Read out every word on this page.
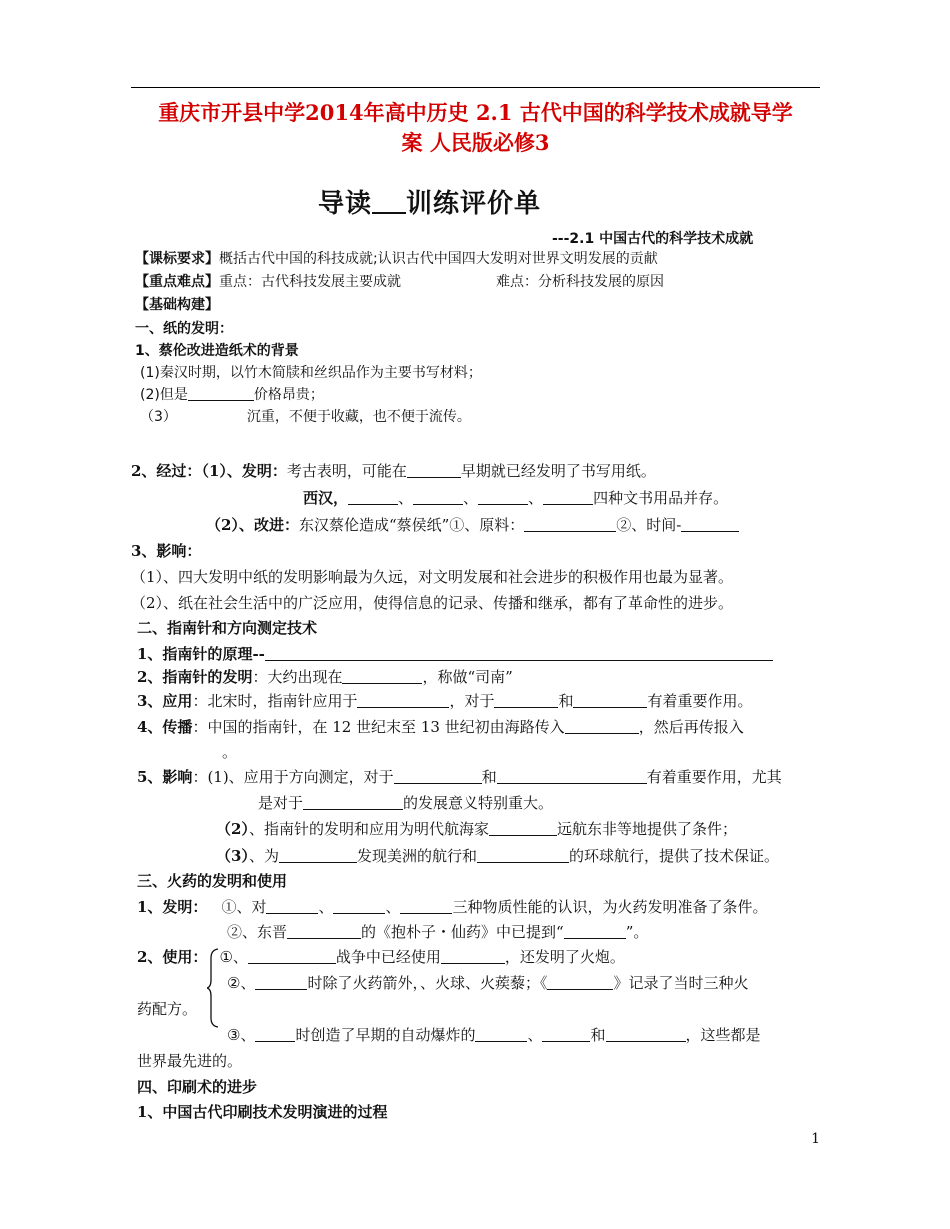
重庆市开县中学2014年高中历史 2.1 古代中国的科学技术成就导学
案 人民版必修3
导读 训练评价单
---2.1 中国古代的科学技术成就
【课标要求】概括古代中国的科技成就;认识古代中国四大发明对世界文明发展的贡献
【重点难点】重点：古代科技发展主要成就	难点：分析科技发展的原因
【基础构建】
一、纸的发明：
1、蔡伦改进造纸术的背景
(1)秦汉时期，以竹木简牍和丝织品作为主要书写材料；
(2)但是	价格昂贵；
（3）	沉重，不便于收藏，也不便于流传。
2、经过：（1）、发明：考古表明，可能在	早期就已经发明了书写用纸。
西汉，	、	、	、	四种文书用品并存。
（2）、改进：东汉蔡伦造成“蔡侯纸”①、原料：	②、时间-
3、影响：
（1）、四大发明中纸的发明影响最为久远，对文明发展和社会进步的积极作用也最为显著。
（2）、纸在社会生活中的广泛应用，使得信息的记录、传播和继承，都有了革命性的进步。
二、指南针和方向测定技术
1、指南针的原理--
2、指南针的发明：大约出现在	，称做“司南”
3、应用：北宋时，指南针应用于	，对于	和	有着重要作用。
4、传播：中国的指南针，在 12 世纪末至 13 世纪初由海路传入	，然后再传报入
。
5、影响：(1)、应用于方向测定，对于	和	有着重要作用，尤其
是对于	的发展意义特别重大。
（2）、指南针的发明和应用为明代航海家	远航东非等地提供了条件；
（3）、为	发现美洲的航行和	的环球航行，提供了技术保证。
三、火药的发明和使用
1、发明： ①、对	、	、	三种物质性能的认识，为火药发明准备了条件。
②、东晋	的《抱朴子・仙药》中已提到“	”。
2、使用： ①、	战争中已经使用	，还发明了火炮。
②、	时除了火药箭外，、火球、火蒺藜；《	》记录了当时三种火
药配方。
③、	时创造了早期的自动爆炸的	、	和	，这些都是
世界最先进的。
四、印刷术的进步
1、中国古代印刷技术发明演进的过程
1
